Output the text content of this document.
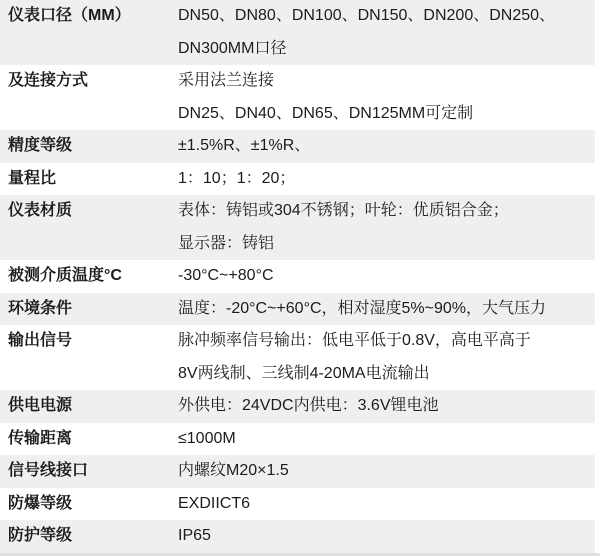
仪表口径（MM）	DN50、DN80、DN100、DN150、DN200、DN250、
DN300MM口径
及连接方式	采用法兰连接
DN25、DN40、DN65、DN125MM可定制
精度等级	±1.5%R、±1%R、
量程比	1：10；1：20；
仪表材质	表体：铸铝或304不锈钢；叶轮：优质铝合金；
显示器：铸铝
被测介质温度°C	-30°C~+80°C
环境条件	温度：-20°C~+60°C，相对湿度5%~90%，大气压力
输出信号	脉冲频率信号输出：低电平低于0.8V，高电平高于
8V两线制、三线制4-20MA电流输出
供电电源	外供电：24VDC内供电：3.6V锂电池
传输距离	≤1000M
信号线接口	内螺纹M20×1.5
防爆等级	EXDIICT6
防护等级	IP65
